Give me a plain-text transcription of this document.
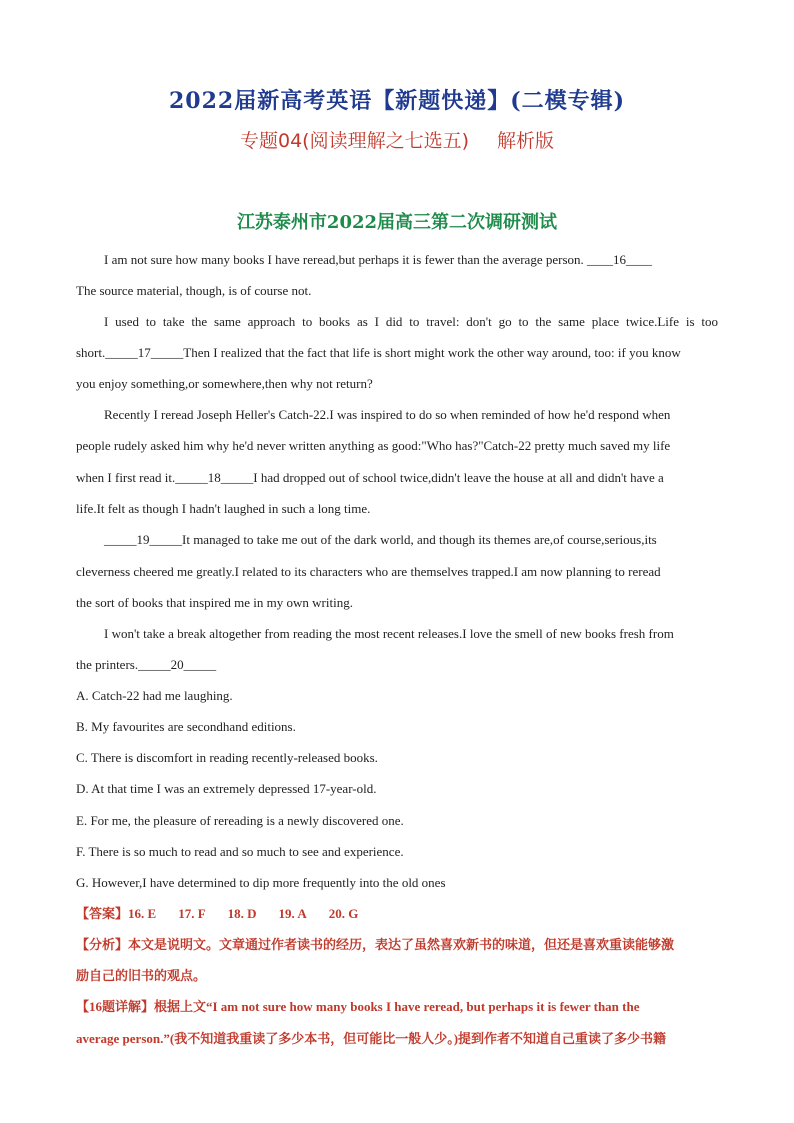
2022届新高考英语【新题快递】(二模专辑)
专题04(阅读理解之七选五) 解析版
江苏泰州市2022届高三第二次调研测试
I am not sure how many books I have reread,but perhaps it is fewer than the average person. ____16____
The source material, though, is of course not.
I used to take the same approach to books as I did to travel: don't go to the same place twice.Life is too
short._____17_____Then I realized that the fact that life is short might work the other way around, too: if you know
you enjoy something,or somewhere,then why not return?
Recently I reread Joseph Heller's Catch-22.I was inspired to do so when reminded of how he'd respond when
people rudely asked him why he'd never written anything as good:"Who has?"Catch-22 pretty much saved my life
when I first read it._____18_____I had dropped out of school twice,didn't leave the house at all and didn't have a
life.It felt as though I hadn't laughed in such a long time.
_____19_____It managed to take me out of the dark world, and though its themes are,of course,serious,its
cleverness cheered me greatly.I related to its characters who are themselves trapped.I am now planning to reread
the sort of books that inspired me in my own writing.
I won't take a break altogether from reading the most recent releases.I love the smell of new books fresh from
the printers._____20_____
A. Catch-22 had me laughing.
B. My favourites are secondhand editions.
C. There is discomfort in reading recently-released books.
D. At that time I was an extremely depressed 17-year-old.
E. For me, the pleasure of rereading is a newly discovered one.
F. There is so much to read and so much to see and experience.
G. However,I have determined to dip more frequently into the old ones
【答案】16. E 17. F 18. D 19. A 20. G
【分析】本文是说明文。文章通过作者读书的经历，表达了虽然喜欢新书的味道，但还是喜欢重读能够激
励自己的旧书的观点。
【16题详解】根据上文“I am not sure how many books I have reread, but perhaps it is fewer than the
average person.”(我不知道我重读了多少本书，但可能比一般人少。)提到作者不知道自己重读了多少书籍
